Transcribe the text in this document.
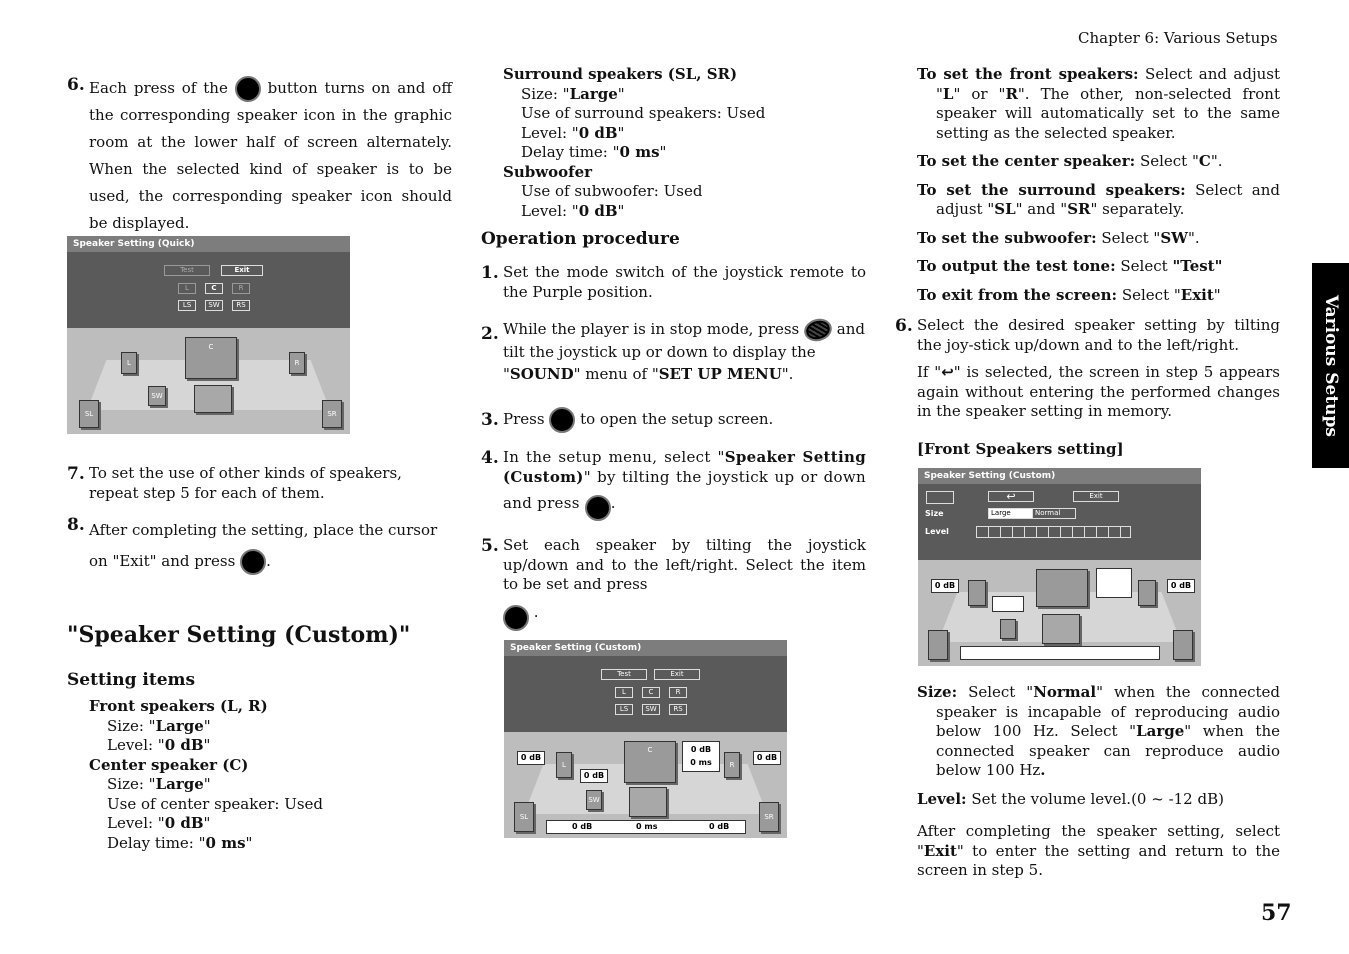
Chapter 6: Various Setups
57
Various Setups
6. Each press of the	button turns on and off the corresponding speaker icon in the graphic room at the lower half of screen alternately. When the selected kind of speaker is to be used, the corresponding speaker icon should be displayed.
Speaker Setting (Quick)
Test	Exit
L	C	R
LS	SW	RS
C
L	R
SW
SL	SR
7. To set the use of other kinds of speakers, repeat step 5 for each of them.
8. After completing the setting, place the cursor on "Exit" and press .
"Speaker Setting (Custom)"
Setting items
Front speakers (L, R)
Size: "Large"
Level: "0 dB"
Center speaker (C)
Size: "Large"
Use of center speaker: Used
Level: "0 dB"
Delay time: "0 ms"
Surround speakers (SL, SR)
Size: "Large"
Use of surround speakers: Used
Level: "0 dB"
Delay time: "0 ms"
Subwoofer
Use of subwoofer: Used
Level: "0 dB"
Operation procedure
1. Set the mode switch of the joystick remote to the Purple position.
2. While the player is in stop mode, press	and tilt the joystick up or down to display the "SOUND" menu of "SET UP MENU".
3. Press to open the setup screen.
4. In the setup menu, select "Speaker Setting (Custom)" by tilting the joystick up or down and press .
5. Set each speaker by tilting the joystick up/down and to the left/right. Select the item to be set and press
.
Speaker Setting (Custom)
Test	Exit
L	C	R
LS	SW	RS
C
L	R
SW
SL	SR
0 dB
0 dB
0 dB
0 ms
0 dB
0 dB	0 ms	0 dB
To set the front speakers: Select and adjust "L" or "R". The other, non-selected front speaker will automatically set to the same setting as the selected speaker.
To set the center speaker: Select "C".
To set the surround speakers: Select and adjust "SL" and "SR" separately.
To set the subwoofer: Select "SW".
To output the test tone: Select "Test"
To exit from the screen: Select "Exit"
6. Select the desired speaker setting by tilting the joy-stick up/down and to the left/right.
If "↩" is selected, the screen in step 5 appears again without entering the performed changes in the speaker setting in memory.
[Front Speakers setting]
Speaker Setting (Custom)
↩	Exit
Size	Large	Normal
Level
0 dB	0 dB
Size: Select "Normal" when the connected speaker is incapable of reproducing audio below 100 Hz. Select "Large" when the connected speaker can reproduce audio below 100 Hz.
Level: Set the volume level.(0 ~ -12 dB)
After completing the speaker setting, select "Exit" to enter the setting and return to the screen in step 5.
